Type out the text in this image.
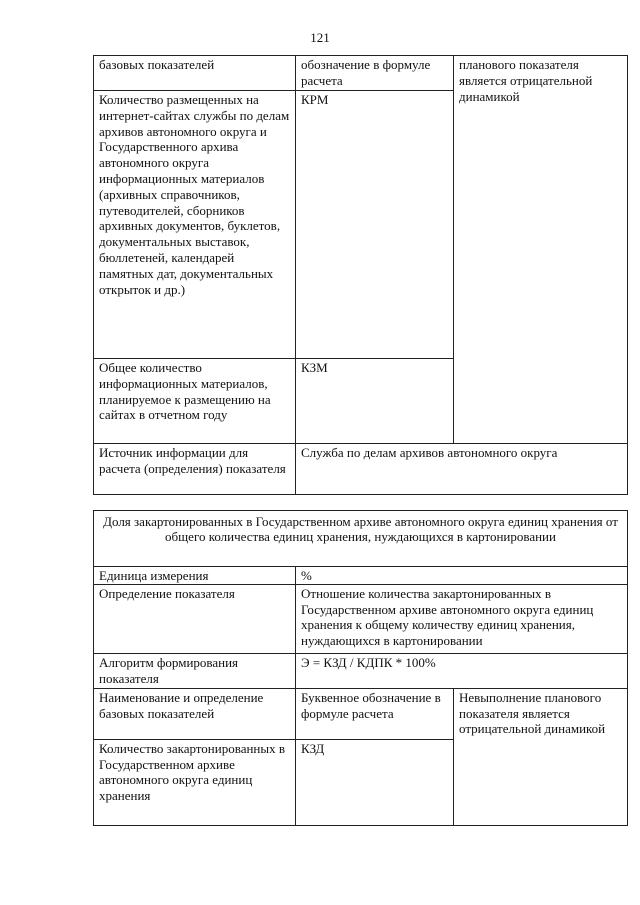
121
базовых показателей	обозначение в формуле расчета	планового показателя является отрицательной динамикой
Количество размещенных на интернет-сайтах службы по делам архивов автономного округа и Государственного архива автономного округа информационных материалов (архивных справочников, путеводителей, сборников архивных документов, буклетов, документальных выставок, бюллетеней, календарей памятных дат, документальных открыток и др.)	КРМ	
Общее количество информационных материалов, планируемое к размещению на сайтах в отчетном году	КЗМ	
Источник информации для расчета (определения) показателя	Служба по делам архивов автономного округа	
Доля закартонированных в Государственном архиве автономного округа единиц хранения от общего количества единиц хранения, нуждающихся в картонировании		
Единица измерения	%	
Определение показателя	Отношение количества закартонированных в Государственном архиве автономного округа единиц хранения к общему количеству единиц хранения, нуждающихся в картонировании	
Алгоритм формирования показателя	Э = КЗД / КДПК * 100%	
Наименование и определение базовых показателей	Буквенное обозначение в формуле расчета	Невыполнение планового показателя является отрицательной динамикой
Количество закартонированных в Государственном архиве автономного округа единиц хранения	КЗД	
